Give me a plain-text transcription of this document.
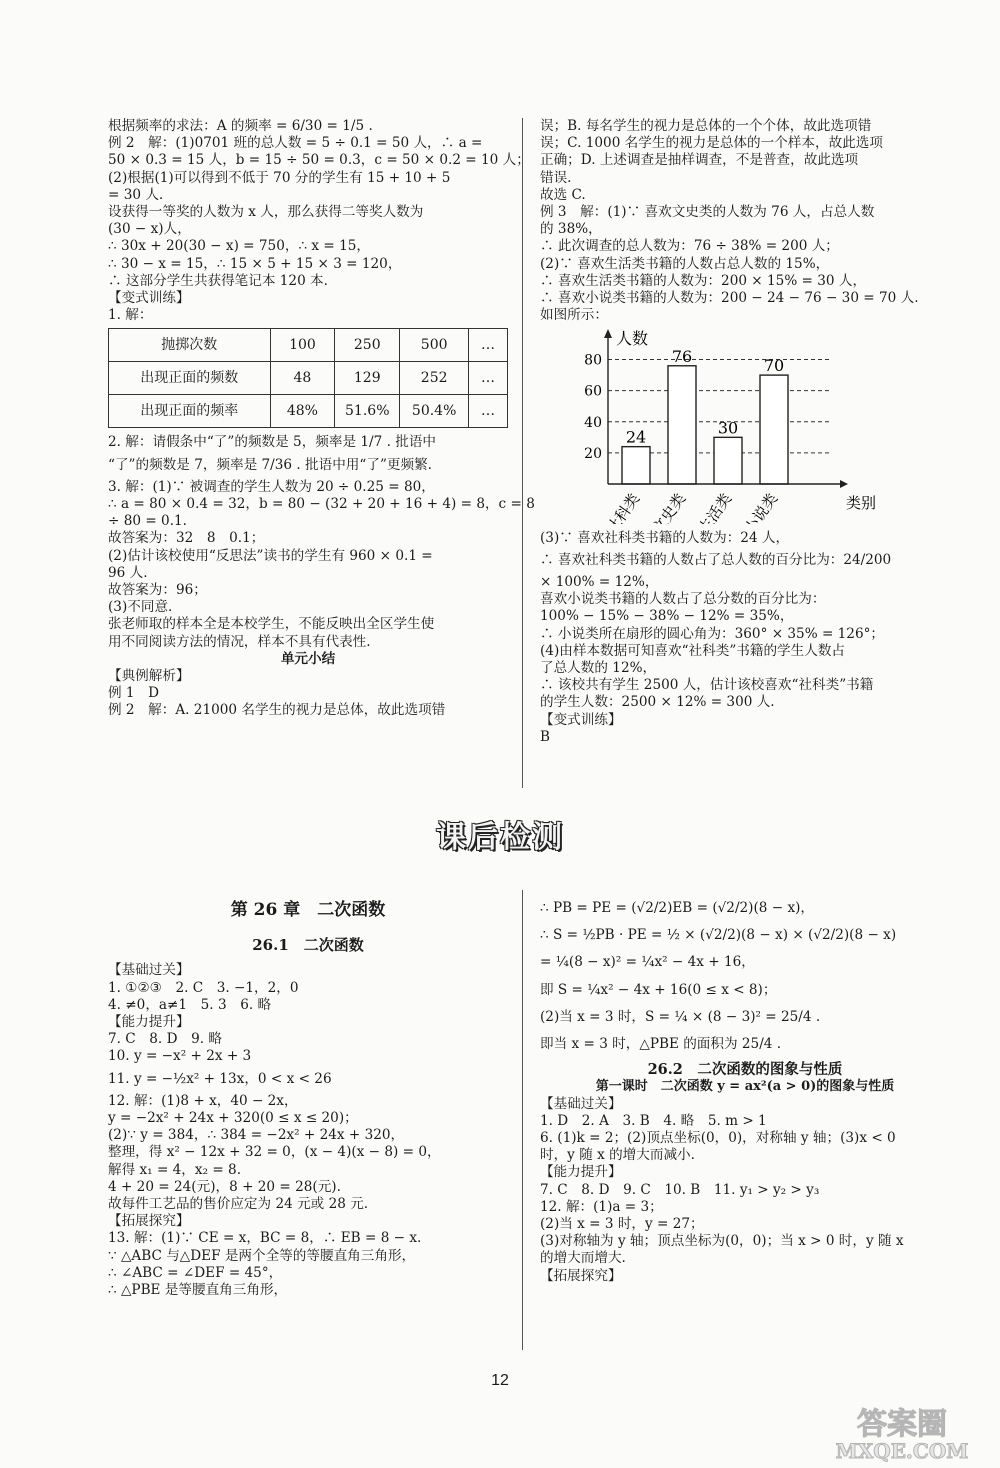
根据频率的求法：A 的频率 = 6/30 = 1/5 .
例 2　解：(1)0701 班的总人数 = 5 ÷ 0.1 = 50 人，∴ a =
50 × 0.3 = 15 人，b = 15 ÷ 50 = 0.3，c = 50 × 0.2 = 10 人；
(2)根据(1)可以得到不低于 70 分的学生有 15 + 10 + 5
= 30 人.
设获得一等奖的人数为 x 人，那么获得二等奖人数为
(30 − x)人，
∴ 30x + 20(30 − x) = 750，∴ x = 15，
∴ 30 − x = 15，∴ 15 × 5 + 15 × 3 = 120，
∴ 这部分学生共获得笔记本 120 本.
【变式训练】
1. 解：
抛掷次数	100	250	500	…
出现正面的频数	48	129	252	…
出现正面的频率	48%	51.6%	50.4%	…
2. 解：请假条中“了”的频数是 5，频率是 1/7 . 批语中
“了”的频数是 7，频率是 7/36 . 批语中用“了”更频繁.
3. 解：(1)∵ 被调查的学生人数为 20 ÷ 0.25 = 80，
∴ a = 80 × 0.4 = 32，b = 80 − (32 + 20 + 16 + 4) = 8，c = 8
÷ 80 = 0.1.
故答案为：32　8　0.1；
(2)估计该校使用“反思法”读书的学生有 960 × 0.1 =
96 人.
故答案为：96；
(3)不同意.
张老师取的样本全是本校学生，不能反映出全区学生使
用不同阅读方法的情况，样本不具有代表性.
单元小结
【典例解析】
例 1　D
例 2　解：A. 21000 名学生的视力是总体，故此选项错
误；B. 每名学生的视力是总体的一个个体，故此选项错
误；C. 1000 名学生的视力是总体的一个样本，故此选项
正确；D. 上述调查是抽样调查，不是普查，故此选项
错误.
故选 C.
例 3　解：(1)∵ 喜欢文史类的人数为 76 人，占总人数
的 38%，
∴ 此次调查的总人数为：76 ÷ 38% = 200 人；
(2)∵ 喜欢生活类书籍的人数占总人数的 15%，
∴ 喜欢生活类书籍的人数为：200 × 15% = 30 人，
∴ 喜欢小说类书籍的人数为：200 − 24 − 76 − 30 = 70 人.
如图所示：
24
76
30
70
人数
类别
20
40
60
80
社科类 文史类 生活类 小说类
(3)∵ 喜欢社科类书籍的人数为：24 人，
∴ 喜欢社科类书籍的人数占了总人数的百分比为：24/200
× 100% = 12%，
喜欢小说类书籍的人数占了总分数的百分比为：
100% − 15% − 38% − 12% = 35%，
∴ 小说类所在扇形的圆心角为：360° × 35% = 126°；
(4)由样本数据可知喜欢“社科类”书籍的学生人数占
了总人数的 12%，
∴ 该校共有学生 2500 人，估计该校喜欢“社科类”书籍
的学生人数：2500 × 12% = 300 人.
【变式训练】
B
课后检测
第 26 章　二次函数
26.1　二次函数
【基础过关】
1. ①②③　2. C　3. −1，2，0
4. ≠0，a≠1　5. 3　6. 略
【能力提升】
7. C　8. D　9. 略
10. y = −x² + 2x + 3
11. y = −½x² + 13x，0 < x < 26
12. 解：(1)8 + x，40 − 2x，
y = −2x² + 24x + 320(0 ≤ x ≤ 20)；
(2)∵ y = 384，∴ 384 = −2x² + 24x + 320，
整理，得 x² − 12x + 32 = 0，(x − 4)(x − 8) = 0，
解得 x₁ = 4，x₂ = 8.
4 + 20 = 24(元)，8 + 20 = 28(元).
故每件工艺品的售价应定为 24 元或 28 元.
【拓展探究】
13. 解：(1)∵ CE = x，BC = 8，∴ EB = 8 − x.
∵ △ABC 与△DEF 是两个全等的等腰直角三角形，
∴ ∠ABC = ∠DEF = 45°，
∴ △PBE 是等腰直角三角形，
∴ PB = PE = (√2/2)EB = (√2/2)(8 − x)，
∴ S = ½PB · PE = ½ × (√2/2)(8 − x) × (√2/2)(8 − x)
= ¼(8 − x)² = ¼x² − 4x + 16，
即 S = ¼x² − 4x + 16(0 ≤ x < 8)；
(2)当 x = 3 时，S = ¼ × (8 − 3)² = 25/4 .
即当 x = 3 时，△PBE 的面积为 25/4 .
26.2　二次函数的图象与性质
第一课时　二次函数 y = ax²(a > 0)的图象与性质
【基础过关】
1. D　2. A　3. B　4. 略　5. m > 1
6. (1)k = 2；(2)顶点坐标(0，0)，对称轴 y 轴；(3)x < 0
时，y 随 x 的增大而减小.
【能力提升】
7. C　8. D　9. C　10. B　11. y₁ > y₂ > y₃
12. 解：(1)a = 3；
(2)当 x = 3 时，y = 27；
(3)对称轴为 y 轴；顶点坐标为(0，0)；当 x > 0 时，y 随 x
的增大而增大.
【拓展探究】
12
答案圈
MXQE.COM
